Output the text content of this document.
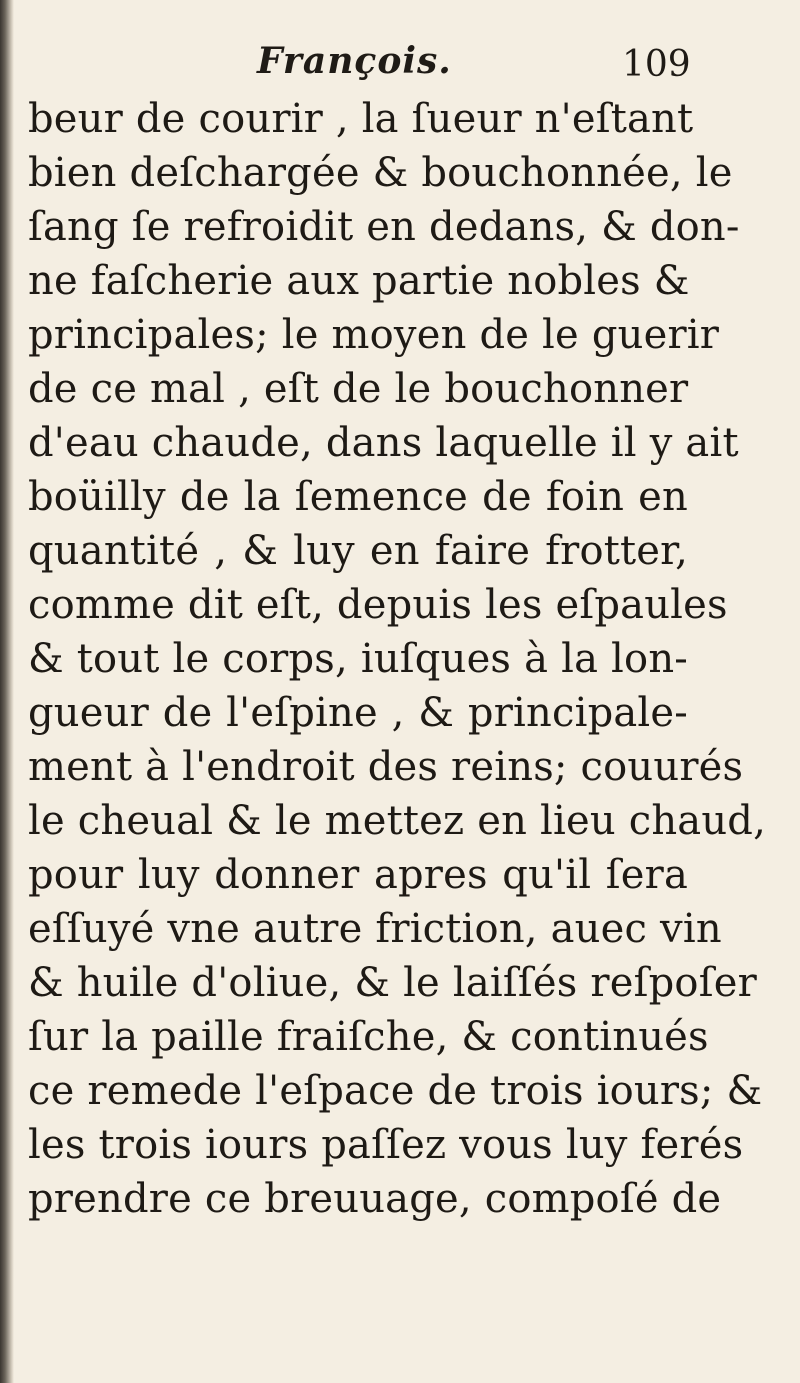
François.	109
beur de courir , la ſueur n'eſtant
bien deſchargée & bouchonnée, le
ſang ſe refroidit en dedans, & don-
ne faſcherie aux partie nobles &
principales; le moyen de le guerir
de ce mal , eſt de le bouchonner
d'eau chaude, dans laquelle il y ait
boüilly de la ſemence de foin en
quantité , & luy en faire frotter,
comme dit eſt, depuis les eſpaules
& tout le corps, iuſques à la lon-
gueur de l'eſpine , & principale-
ment à l'endroit des reins; couurés
le cheual & le mettez en lieu chaud,
pour luy donner apres qu'il ſera
eſſuyé vne autre friction, auec vin
& huile d'oliue, & le laiſſés reſpoſer
ſur la paille fraiſche, & continués
ce remede l'eſpace de trois iours; &
les trois iours paſſez vous luy ferés
prendre ce breuuage, compoſé de
